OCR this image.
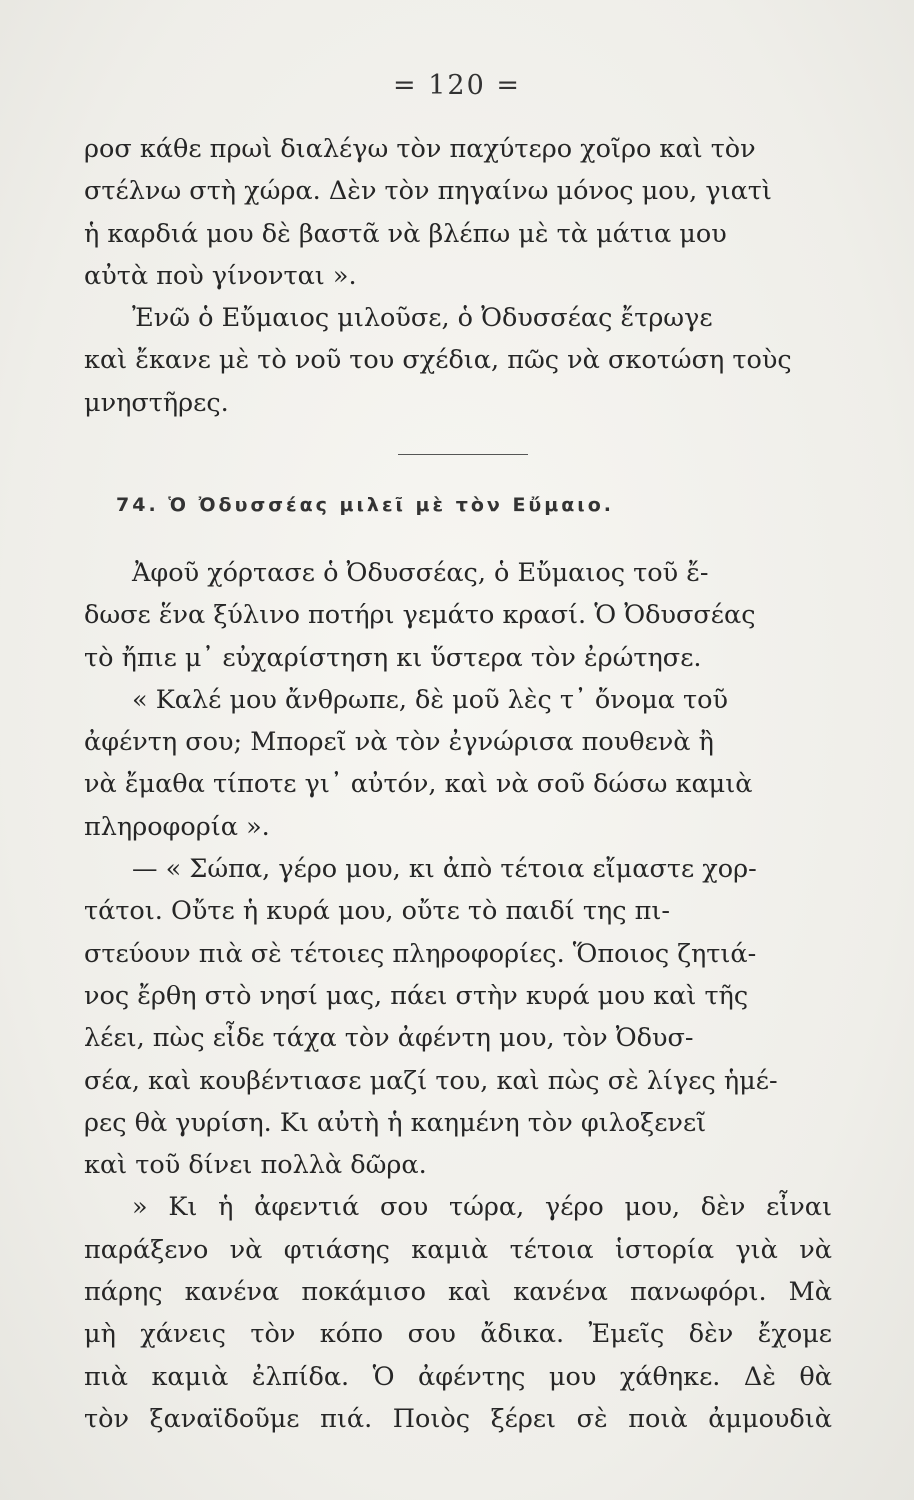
= 120 =

ρoσ κάθε πρωὶ διαλέγω τὸν παχύτερο χοῖρο καὶ τὸν
στέλνω στὴ χώρα. Δὲν τὸν πηγαίνω μόνος μου, γιατὶ
ἡ καρδιά μου δὲ βαστᾶ νὰ βλέπω μὲ τὰ μάτια μου
αὐτὰ ποὺ γίνονται ».

Ἐνῶ ὁ Εὔμαιος μιλοῦσε, ὁ Ὀδυσσέας ἔτρωγε
καὶ ἔκανε μὲ τὸ νοῦ του σχέδια, πῶς νὰ σκοτώση τοὺς
μνηστῆρες.

74. Ὁ Ὀδυσσέας μιλεῖ μὲ τὸν Εὔμαιο.

Ἀφοῦ χόρτασε ὁ Ὀδυσσέας, ὁ Εὔμαιος τοῦ ἔ-
δωσε ἕνα ξύλινο ποτήρι γεμάτο κρασί. Ὁ Ὀδυσσέας
τὸ ἤπιε μ᾽ εὐχαρίστηση κι ὕστερα τὸν ἐρώτησε.

« Καλέ μου ἄνθρωπε, δὲ μοῦ λὲς τ᾽ ὄνομα τοῦ
ἀφέντη σου; Μπορεῖ νὰ τὸν ἐγνώρισα πουθενὰ ἢ
νὰ ἔμαθα τίποτε γι᾽ αὐτόν, καὶ νὰ σοῦ δώσω καμιὰ
πληροφορία ».

— « Σώπα, γέρο μου, κι ἀπὸ τέτοια εἴμαστε χορ-
τάτοι. Οὔτε ἡ κυρά μου, οὔτε τὸ παιδί της πι-
στεύουν πιὰ σὲ τέτοιες πληροφορίες. Ὅποιος ζητιά-
νος ἔρθη στὸ νησί μας, πάει στὴν κυρά μου καὶ τῆς
λέει, πὼς εἶδε τάχα τὸν ἀφέντη μου, τὸν Ὀδυσ-
σέα, καὶ κουβέντιασε μαζί του, καὶ πὼς σὲ λίγες ἡμέ-
ρες θὰ γυρίση. Κι αὐτὴ ἡ καημένη τὸν φιλοξενεῖ
καὶ τοῦ δίνει πολλὰ δῶρα.

» Κι ἡ ἀφεντιά σου τώρα, γέρο μου, δὲν εἶναι
παράξενο νὰ φτιάσης καμιὰ τέτοια ἱστορία γιὰ νὰ
πάρης κανένα ποκάμισο καὶ κανένα πανωφόρι. Μὰ
μὴ χάνεις τὸν κόπο σου ἄδικα. Ἐμεῖς δὲν ἔχομε
πιὰ καμιὰ ἐλπίδα. Ὁ ἀφέντης μου χάθηκε. Δὲ θὰ
τὸν ξαναϊδοῦμε πιά. Ποιὸς ξέρει σὲ ποιὰ ἀμμουδιὰ
